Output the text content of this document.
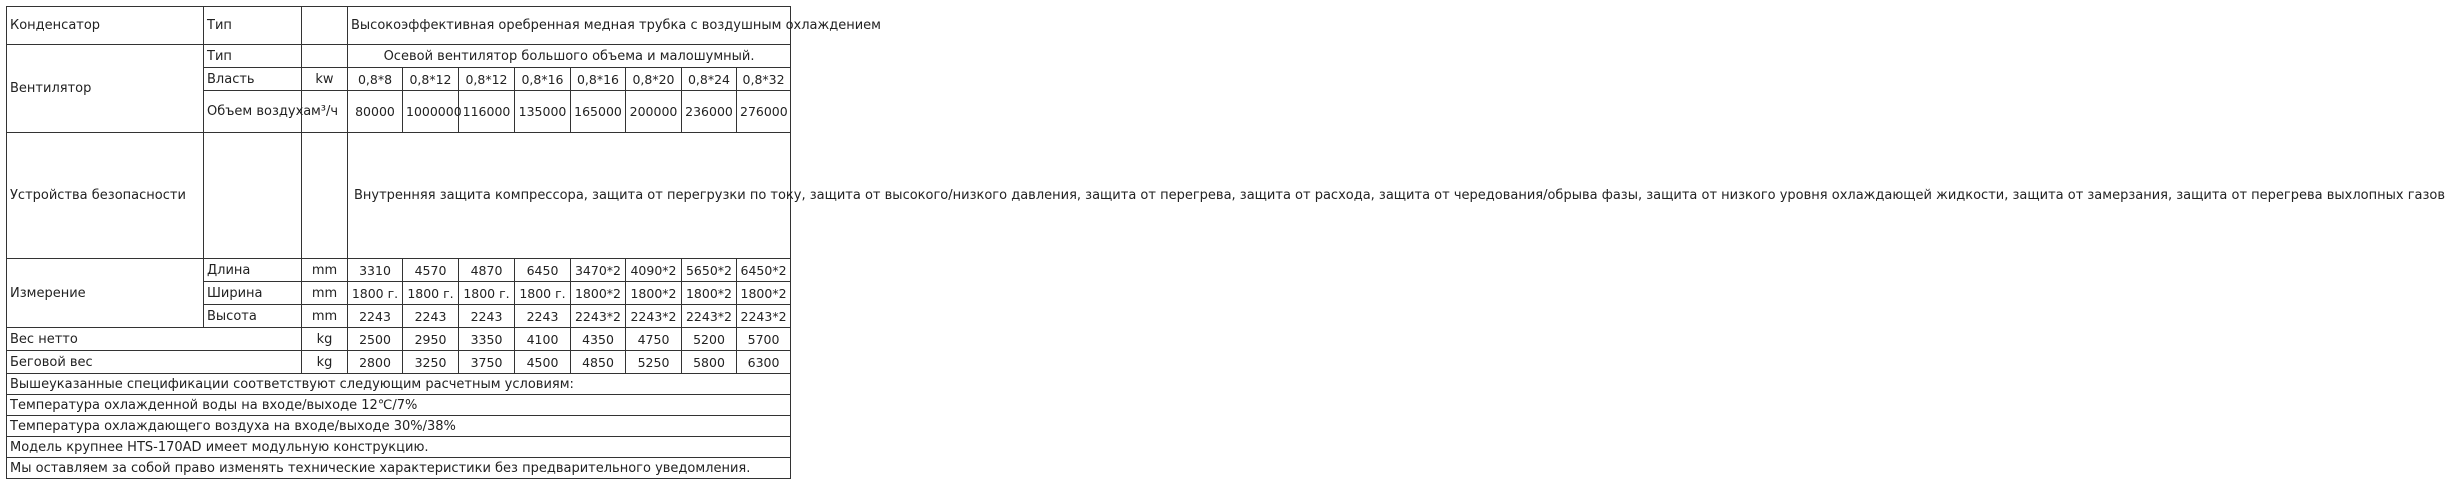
Конденсатор	Тип		Высокоэффективная оребренная медная трубка с воздушным охлаждением							
Вентилятор	Тип		Осевой вентилятор большого объема и малошумный.							
	Власть	kw	0,8*8	0,8*12	0,8*12	0,8*16	0,8*16	0,8*20	0,8*24	0,8*32
	Объем воздуха	м³/ч	80000	1000000	116000	135000	165000	200000	236000	276000
Устройства безопасности			Внутренняя защита компрессора, защита от перегрузки по току, защита от высокого/низкого давления, защита от перегрева, защита от расхода, защита от чередования/обрыва фазы, защита от низкого уровня охлаждающей жидкости, защита от замерзания, защита от перегрева выхлопных газов							
Измерение	Длина	mm	3310	4570	4870	6450	3470*2	4090*2	5650*2	6450*2
	Ширина	mm	1800 г.	1800 г.	1800 г.	1800 г.	1800*2	1800*2	1800*2	1800*2
	Высота	mm	2243	2243	2243	2243	2243*2	2243*2	2243*2	2243*2
Вес нетто		kg	2500	2950	3350	4100	4350	4750	5200	5700
Беговой вес		kg	2800	3250	3750	4500	4850	5250	5800	6300
Вышеуказанные спецификации соответствуют следующим расчетным условиям:										
Температура охлажденной воды на входе/выходе 12℃/7%										
Температура охлаждающего воздуха на входе/выходе 30%/38%										
Модель крупнее HTS-170AD имеет модульную конструкцию.										
Мы оставляем за собой право изменять технические характеристики без предварительного уведомления.										
